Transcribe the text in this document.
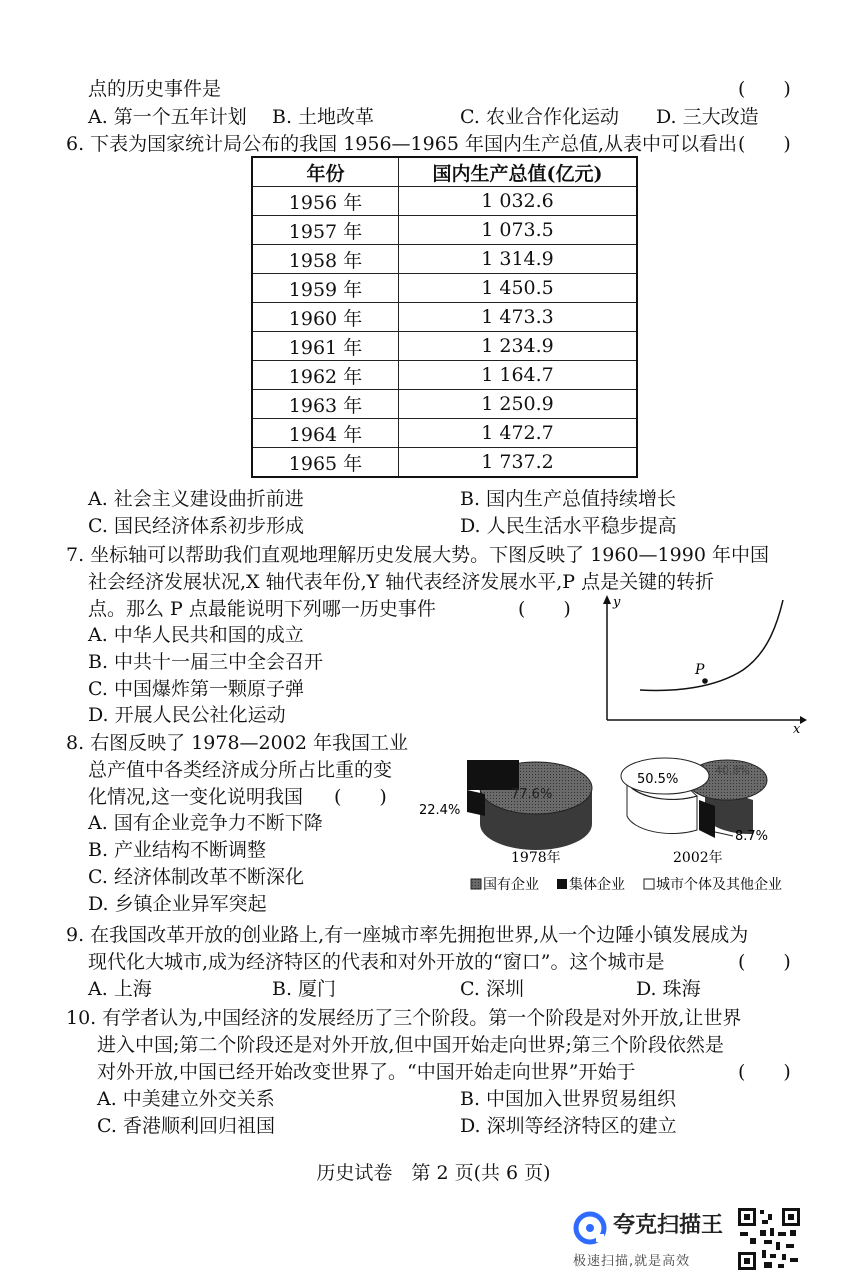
点的历史事件是	(　　)
A. 第一个五年计划 B. 土地改革	C. 农业合作化运动 D. 三大改造
6. 下表为国家统计局公布的我国 1956—1965 年国内生产总值,从表中可以看出 (　　)
年份	国内生产总值(亿元)
1956 年	1 032.6
1957 年	1 073.5
1958 年	1 314.9
1959 年	1 450.5
1960 年	1 473.3
1961 年	1 234.9
1962 年	1 164.7
1963 年	1 250.9
1964 年	1 472.7
1965 年	1 737.2
A. 社会主义建设曲折前进	B. 国内生产总值持续增长
C. 国民经济体系初步形成	D. 人民生活水平稳步提高
7. 坐标轴可以帮助我们直观地理解历史发展大势。下图反映了 1960—1990 年中国
社会经济发展状况,X 轴代表年份,Y 轴代表经济发展水平,P 点是关键的转折
点。那么 P 点最能说明下列哪一历史事件	(　　)
A. 中华人民共和国的成立
B. 中共十一届三中全会召开
C. 中国爆炸第一颗原子弹
D. 开展人民公社化运动
y
x
P
8. 右图反映了 1978—2002 年我国工业
总产值中各类经济成分所占比重的变
化情况,这一变化说明我国 (　　)
A. 国有企业竞争力不断下降
B. 产业结构不断调整
C. 经济体制改革不断深化
D. 乡镇企业异军突起
77.6%
22.4%
1978年
50.5%
40.8%
8.7%
2002年
国有企业 集体企业 城市个体及其他企业
9. 在我国改革开放的创业路上,有一座城市率先拥抱世界,从一个边陲小镇发展成为
现代化大城市,成为经济特区的代表和对外开放的“窗口”。这个城市是	(　　)
A. 上海	B. 厦门	C. 深圳	D. 珠海
10. 有学者认为,中国经济的发展经历了三个阶段。第一个阶段是对外开放,让世界
进入中国;第二个阶段还是对外开放,但中国开始走向世界;第三个阶段依然是
对外开放,中国已经开始改变世界了。“中国开始走向世界”开始于	(　　)
A. 中美建立外交关系	B. 中国加入世界贸易组织
C. 香港顺利回归祖国	D. 深圳等经济特区的建立
历史试卷　第 2 页(共 6 页)
夸克扫描王
极速扫描,就是高效
